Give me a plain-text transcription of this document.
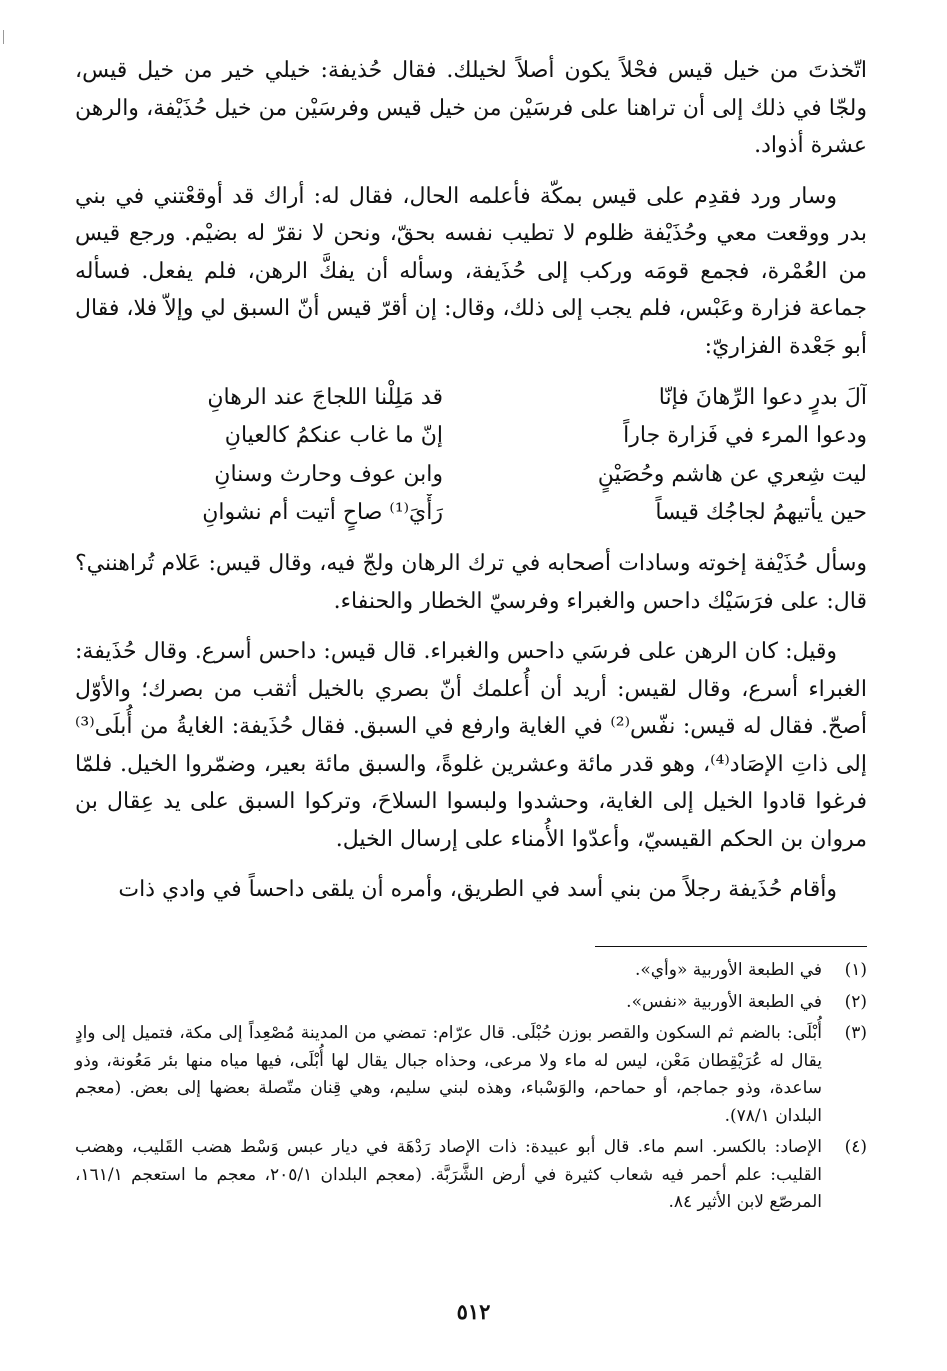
اتّخذتَ من خيل قيس فحْلاً يكون أصلاً لخيلك. فقال حُذيفة: خيلي خير من خيل قيس، ولجّا في ذلك إلى أن تراهنا على فرسَيْن من خيل قيس وفرسَيْن من خيل حُذَيْفة، والرهن عشرة أذواد.

وسار ورد فقدِم على قيس بمكّة فأعلمه الحال، فقال له: أراك قد أوقعْتني في بني بدر ووقعت معي وحُذَيْفة ظلوم لا تطيب نفسه بحقّ، ونحن لا نقرّ له بضيْم. ورجع قيس من العُمْرة، فجمع قومَه وركب إلى حُذَيفة، وسأله أن يفكَّ الرهن، فلم يفعل. فسأله جماعة فزارة وعَبْس، فلم يجب إلى ذلك، وقال: إن أقرّ قيس أنّ السبق لي وإلاّ فلا، فقال أبو جَعْدة الفزاريّ:

آلَ بدرٍ دعوا الرِّهانَ فإنّا
قد مَلِلْنا اللجاجَ عند الرهانِ
ودعوا المرء في فَزارة جاراً
إنّ ما غاب عنكمُ كالعيانِ
ليت شِعري عن هاشم وحُصَيْنٍ
وابن عوف وحارث وسنانِ
حين يأتيهمُ لجاجُك قيساً
رَأْيَ⁽¹⁾ صاحٍ أتيت أم نشوانِ

وسأل حُذَيْفة إخوته وسادات أصحابه في ترك الرهان ولجّ فيه، وقال قيس: عَلام تُراهنني؟ قال: على فرَسَيْك داحس والغبراء وفرسيّ الخطار والحنفاء.

وقيل: كان الرهن على فرسَي داحس والغبراء. قال قيس: داحس أسرع. وقال حُذَيفة: الغبراء أسرع، وقال لقيس: أريد أن أُعلمك أنّ بصري بالخيل أثقب من بصرك؛ والأوّل أصحّ. فقال له قيس: نفّس⁽²⁾ في الغاية وارفع في السبق. فقال حُذَيفة: الغايةُ من أُبلَى⁽³⁾ إلى ذاتِ الإصَاد⁽⁴⁾، وهو قدر مائة وعشرين غلوةً، والسبق مائة بعير، وضمّروا الخيل. فلمّا فرغوا قادوا الخيل إلى الغاية، وحشدوا ولبسوا السلاحَ، وتركوا السبق على يد عِقال بن مروان بن الحكم القيسيّ، وأعدّوا الأُمناء على إرسال الخيل.

وأقام حُذَيفة رجلاً من بني أسد في الطريق، وأمره أن يلقى داحساً في وادي ذات

(١)
في الطبعة الأوربية «وأي».
(٢)
في الطبعة الأوربية «نفس».
(٣)
أُبْلَى: بالضم ثم السكون والقصر بوزن حُبْلَى. قال عرّام: تمضي من المدينة مُصْعِداً إلى مكة، فتميل إلى وادٍ يقال له عُرَيْقِطان مَعْن، ليس له ماء ولا مرعى، وحذاه جبال يقال لها أُبْلَى، فيها مياه منها بئر مَعُونة، وذو ساعدة، وذو جماجم، أو حماحم، والوَسْباء، وهذه لبني سليم، وهي قِنان متّصلة بعضها إلى بعض. (معجم البلدان ٧٨/١).
(٤)
الإصاد: بالكسر. اسم ماء. قال أبو عبيدة: ذات الإصاد رَدْهَة في ديار عبس وَسْط هضب القَليب، وهضب القليب: علم أحمر فيه شعاب كثيرة في أرض الشَّرَبَّة. (معجم البلدان ٢٠٥/١، معجم ما استعجم ١٦١/١، المرصّع لابن الأثير ٨٤.
٥١٢
